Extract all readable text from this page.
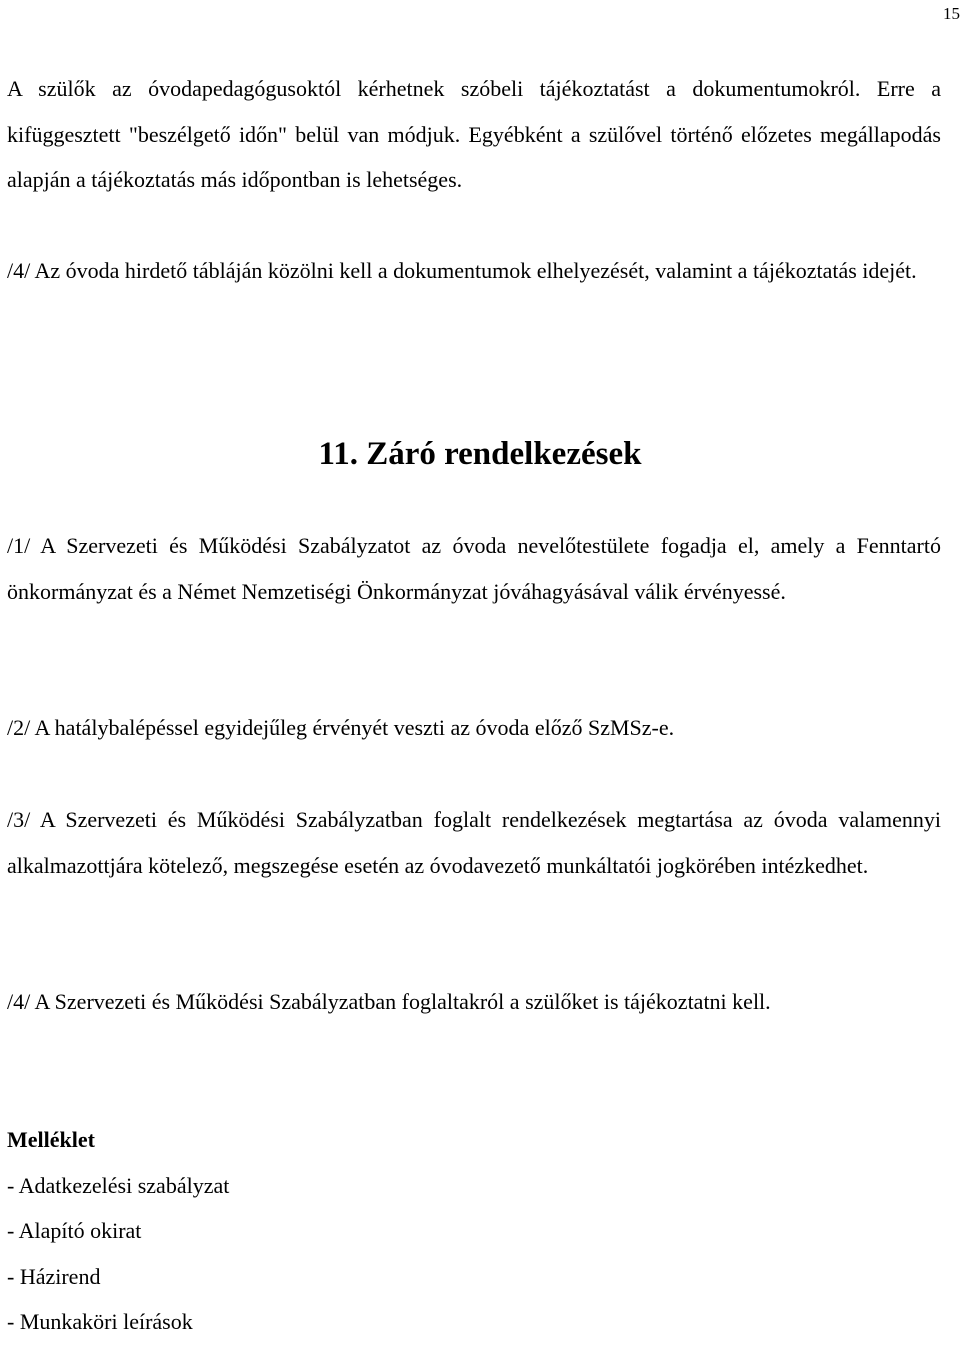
15

A szülők az óvodapedagógusoktól kérhetnek szóbeli tájékoztatást a dokumentumokról. Erre a kifüggesztett "beszélgető időn" belül van módjuk. Egyébként a szülővel történő előzetes megállapodás alapján a tájékoztatás más időpontban is lehetséges.

/4/ Az óvoda hirdető tábláján közölni kell a dokumentumok elhelyezését, valamint a tájékoztatás idejét.

11. Záró rendelkezések

/1/ A Szervezeti és Működési Szabályzatot az óvoda nevelőtestülete fogadja el, amely a Fenntartó önkormányzat és a Német Nemzetiségi Önkormányzat jóváhagyásával válik érvényessé.

/2/ A hatálybalépéssel egyidejűleg érvényét veszti az óvoda előző SzMSz-e.

/3/ A Szervezeti és Működési Szabályzatban foglalt rendelkezések megtartása az óvoda valamennyi alkalmazottjára kötelező, megszegése esetén az óvodavezető munkáltatói jogkörében intézkedhet.

/4/ A Szervezeti és Működési Szabályzatban foglaltakról a szülőket is tájékoztatni kell.

Melléklet
- Adatkezelési szabályzat
- Alapító okirat
- Házirend
- Munkaköri leírások
